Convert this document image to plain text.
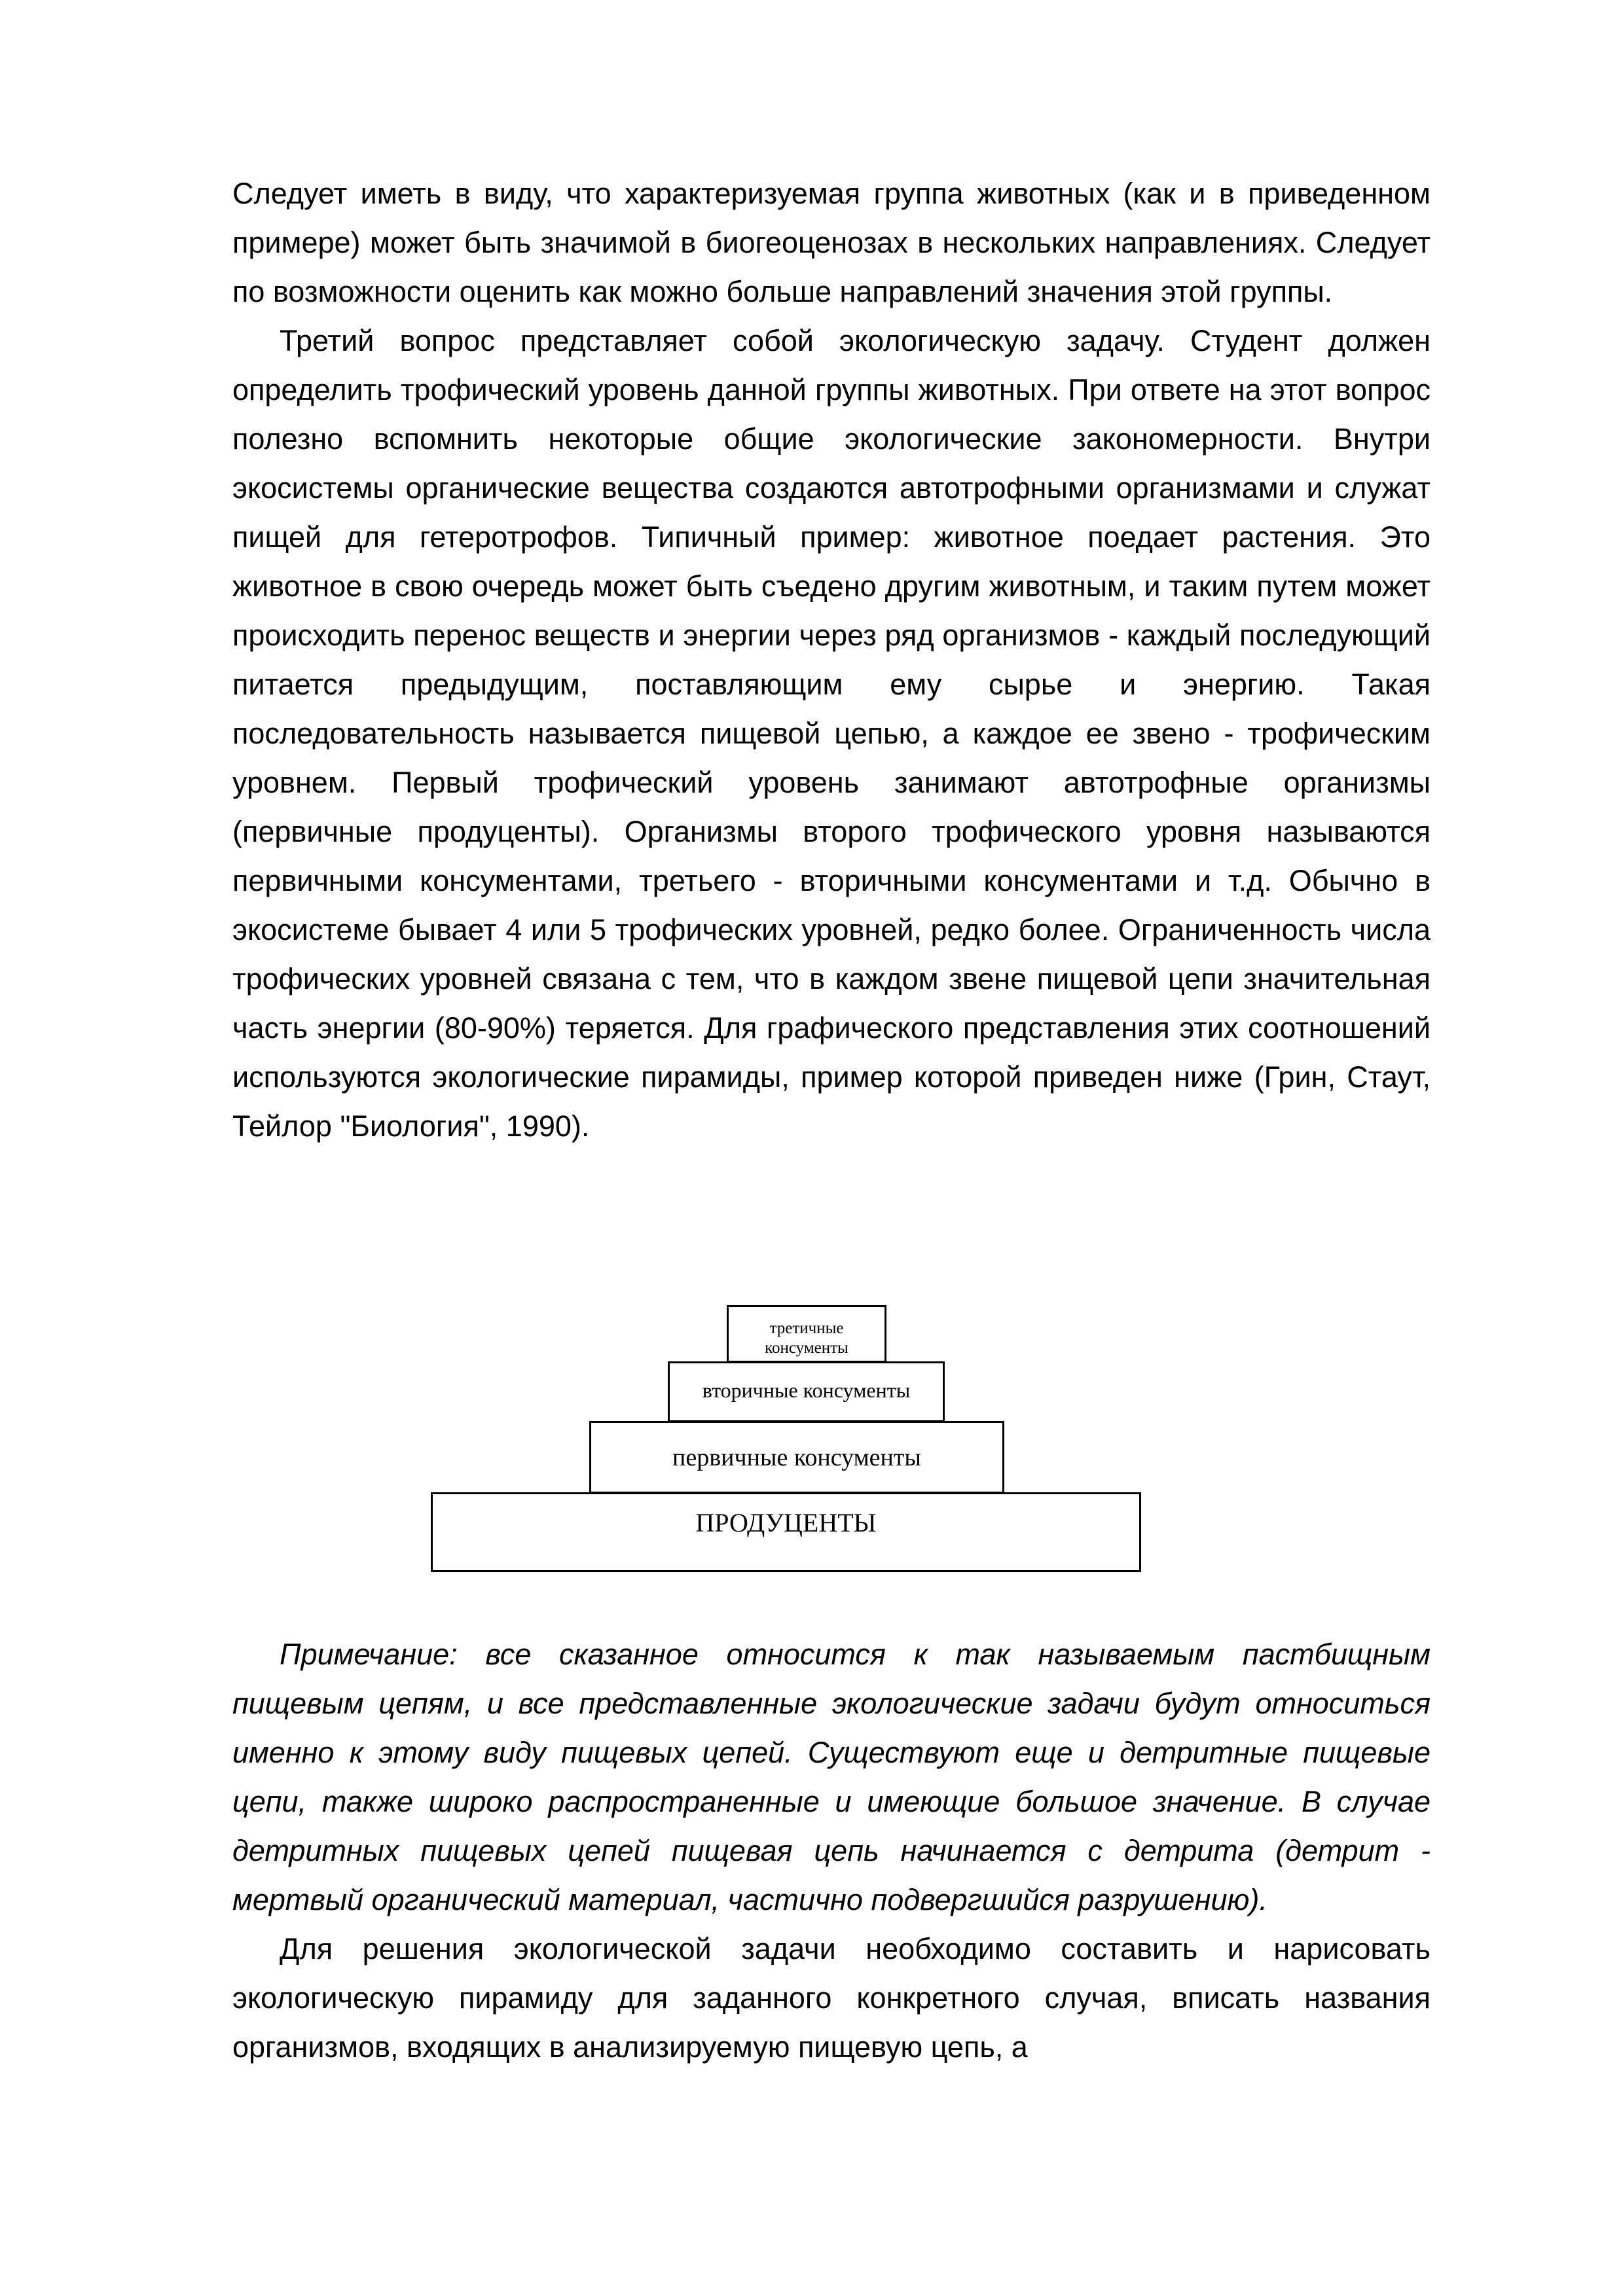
Следует иметь в виду, что характеризуемая группа животных (как и в приведенном примере) может быть значимой в биогеоценозах в нескольких направлениях. Следует по возможности оценить как можно больше направлений значения этой группы.

Третий вопрос представляет собой экологическую задачу. Студент должен определить трофический уровень данной группы животных. При ответе на этот вопрос полезно вспомнить некоторые общие экологические закономерности. Внутри экосистемы органические вещества создаются автотрофными организмами и служат пищей для гетеротрофов. Типичный пример: животное поедает растения. Это животное в свою очередь может быть съедено другим животным, и таким путем может происходить перенос веществ и энергии через ряд организмов - каждый последующий питается предыдущим, поставляющим ему сырье и энергию. Такая последовательность называется пищевой цепью, а каждое ее звено - трофическим уровнем. Первый трофический уровень занимают автотрофные организмы (первичные продуценты). Организмы второго трофического уровня называются первичными консументами, третьего - вторичными консументами и т.д. Обычно в экосистеме бывает 4 или 5 трофических уровней, редко более. Ограниченность числа трофических уровней связана с тем, что в каждом звене пищевой цепи значительная часть энергии (80-90%) теряется. Для графического представления этих соотношений используются экологические пирамиды, пример которой приведен ниже (Грин, Стаут, Тейлор "Биология", 1990).

третичные консументы
вторичные консументы
первичные консументы
ПРОДУЦЕНТЫ

Примечание: все сказанное относится к так называемым пастбищным пищевым цепям, и все представленные экологические задачи будут относиться именно к этому виду пищевых цепей. Существуют еще и детритные пищевые цепи, также широко распространенные и имеющие большое значение. В случае детритных пищевых цепей пищевая цепь начинается с детрита (детрит - мертвый органический материал, частично подвергшийся разрушению).

Для решения экологической задачи необходимо составить и нарисовать экологическую пирамиду для заданного конкретного случая, вписать названия организмов, входящих в анализируемую пищевую цепь, а
